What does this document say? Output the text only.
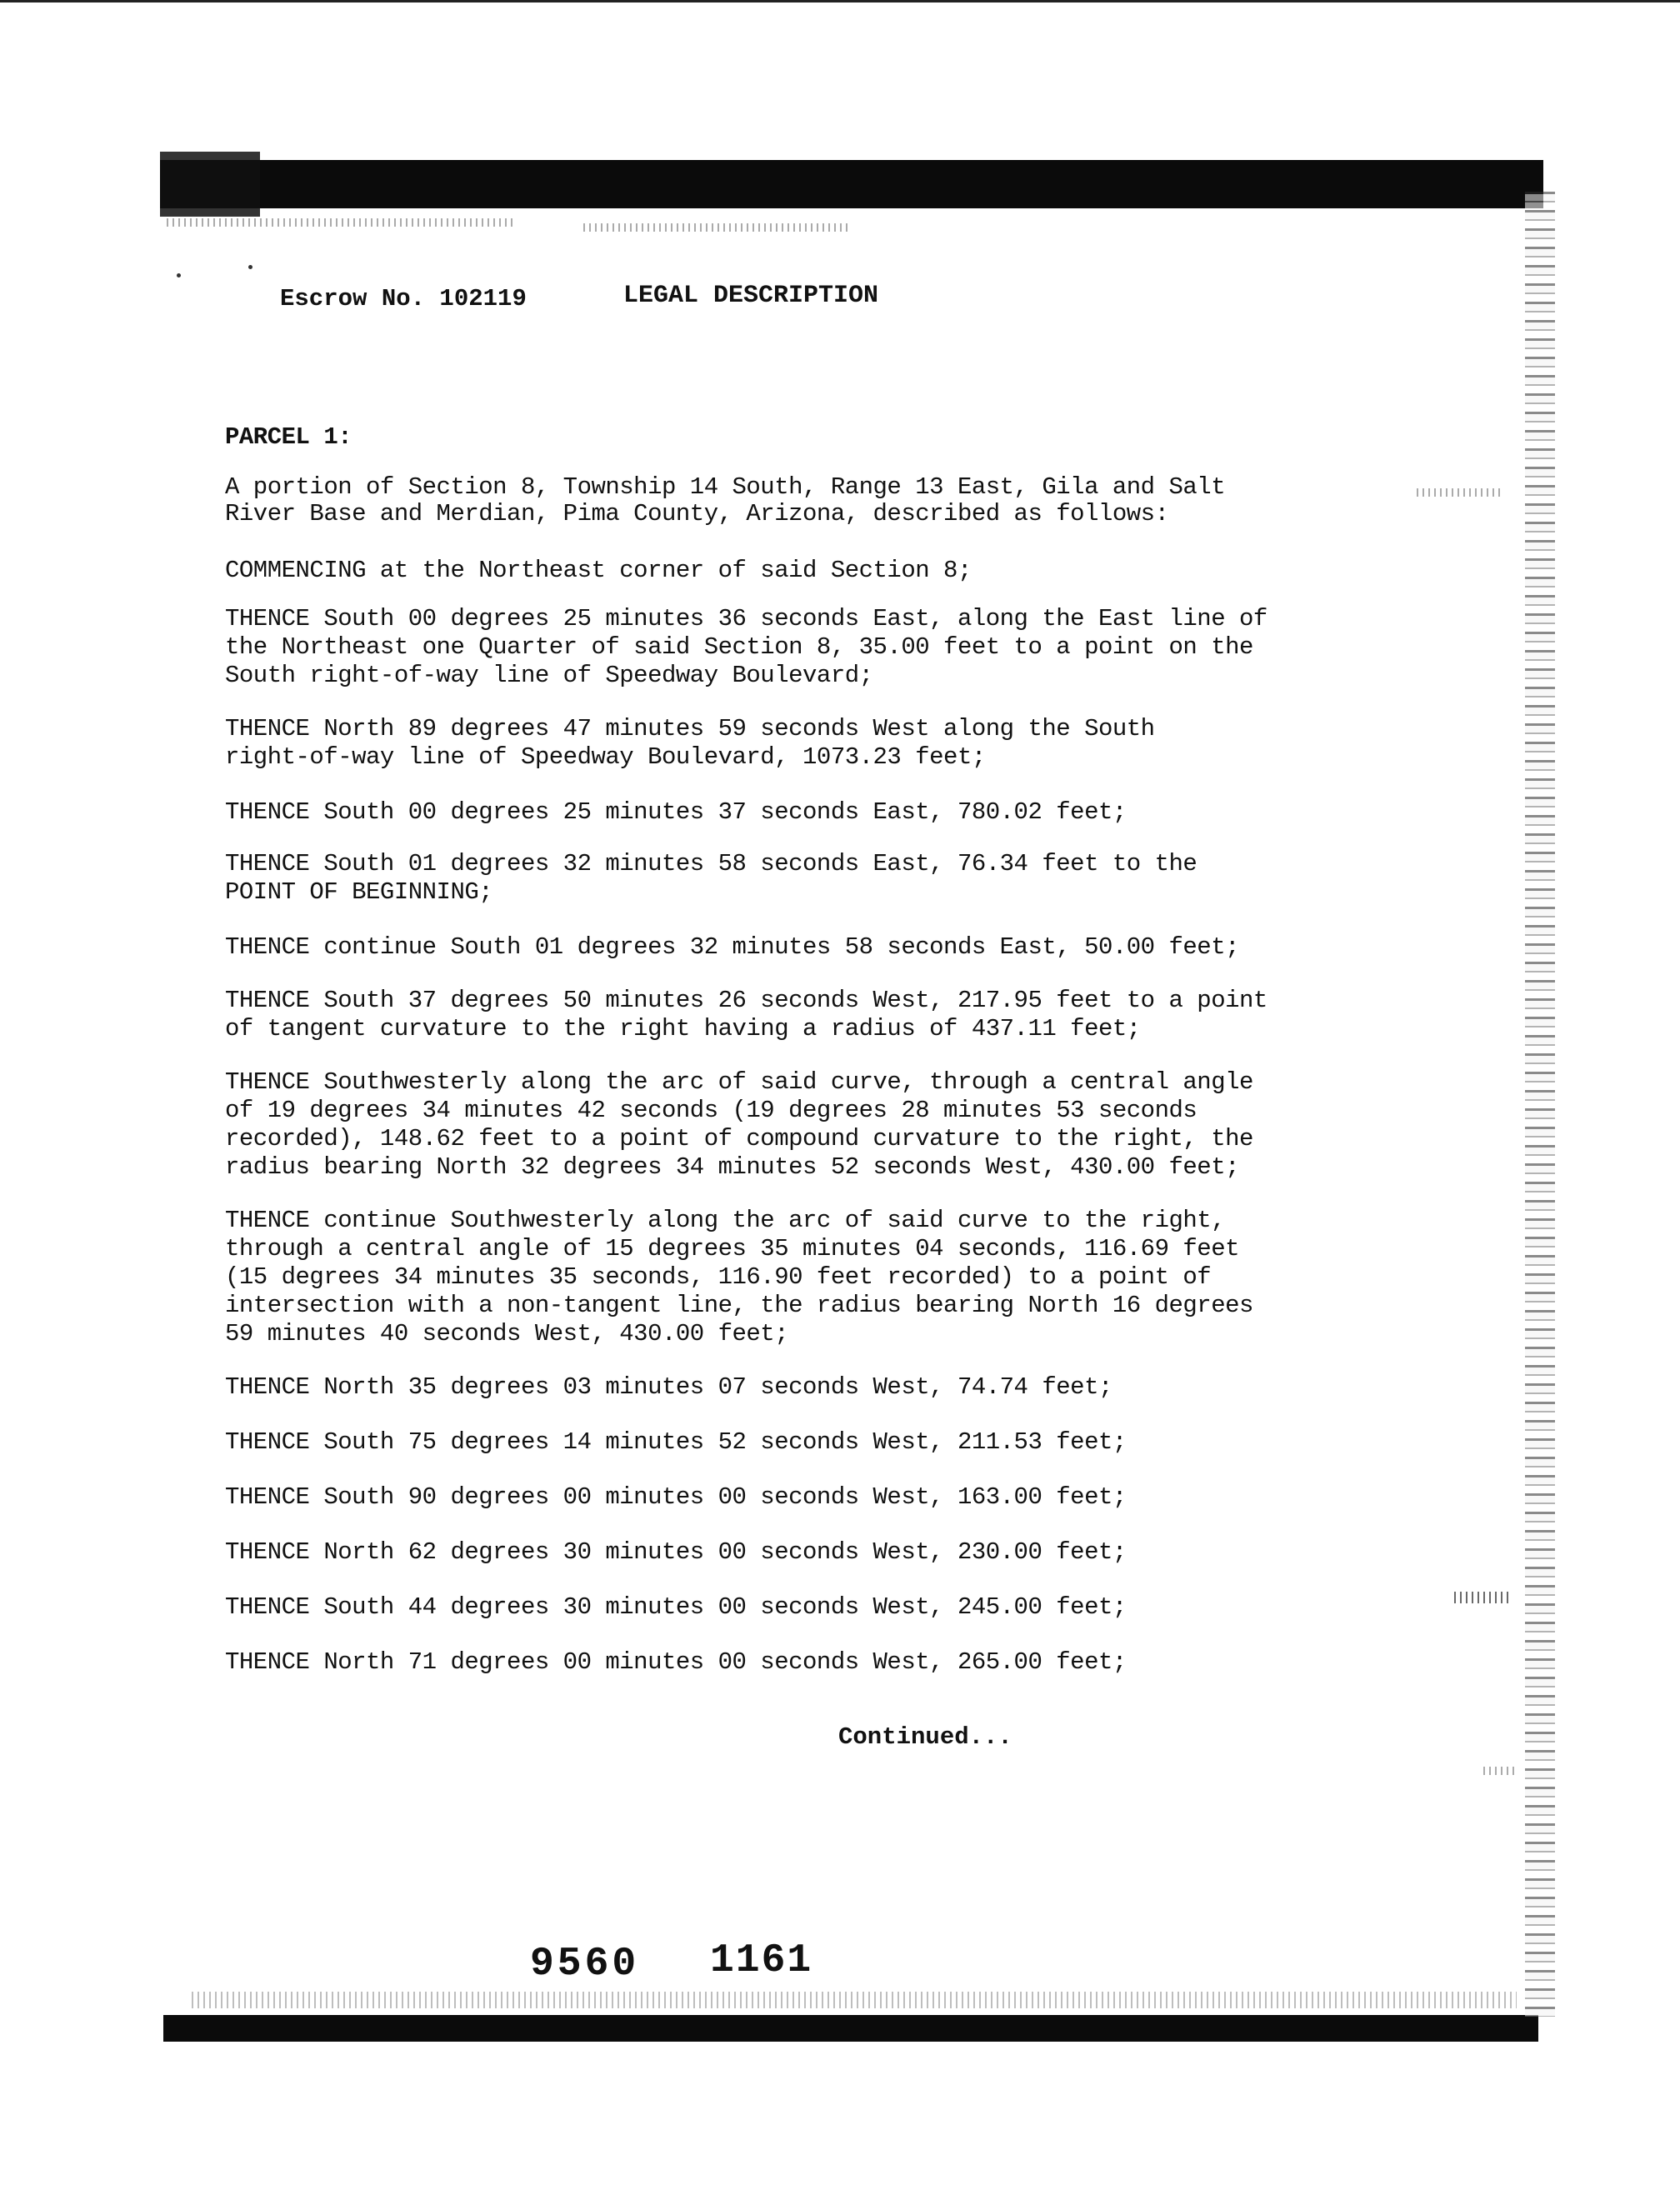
Escrow No. 102119	LEGAL DESCRIPTION
PARCEL 1:
A portion of Section 8, Township 14 South, Range 13 East, Gila and Salt
River Base and Merdian, Pima County, Arizona, described as follows:
COMMENCING at the Northeast corner of said Section 8;
THENCE South 00 degrees 25 minutes 36 seconds East, along the East line of
the Northeast one Quarter of said Section 8, 35.00 feet to a point on the
South right-of-way line of Speedway Boulevard;
THENCE North 89 degrees 47 minutes 59 seconds West along the South
right-of-way line of Speedway Boulevard, 1073.23 feet;
THENCE South 00 degrees 25 minutes 37 seconds East, 780.02 feet;
THENCE South 01 degrees 32 minutes 58 seconds East, 76.34 feet to the
POINT OF BEGINNING;
THENCE continue South 01 degrees 32 minutes 58 seconds East, 50.00 feet;
THENCE South 37 degrees 50 minutes 26 seconds West, 217.95 feet to a point
of tangent curvature to the right having a radius of 437.11 feet;
THENCE Southwesterly along the arc of said curve, through a central angle
of 19 degrees 34 minutes 42 seconds (19 degrees 28 minutes 53 seconds
recorded), 148.62 feet to a point of compound curvature to the right, the
radius bearing North 32 degrees 34 minutes 52 seconds West, 430.00 feet;
THENCE continue Southwesterly along the arc of said curve to the right,
through a central angle of 15 degrees 35 minutes 04 seconds, 116.69 feet
(15 degrees 34 minutes 35 seconds, 116.90 feet recorded) to a point of
intersection with a non-tangent line, the radius bearing North 16 degrees
59 minutes 40 seconds West, 430.00 feet;
THENCE North 35 degrees 03 minutes 07 seconds West, 74.74 feet;
THENCE South 75 degrees 14 minutes 52 seconds West, 211.53 feet;
THENCE South 90 degrees 00 minutes 00 seconds West, 163.00 feet;
THENCE North 62 degrees 30 minutes 00 seconds West, 230.00 feet;
THENCE South 44 degrees 30 minutes 00 seconds West, 245.00 feet;
THENCE North 71 degrees 00 minutes 00 seconds West, 265.00 feet;
Continued...
9560 1161
